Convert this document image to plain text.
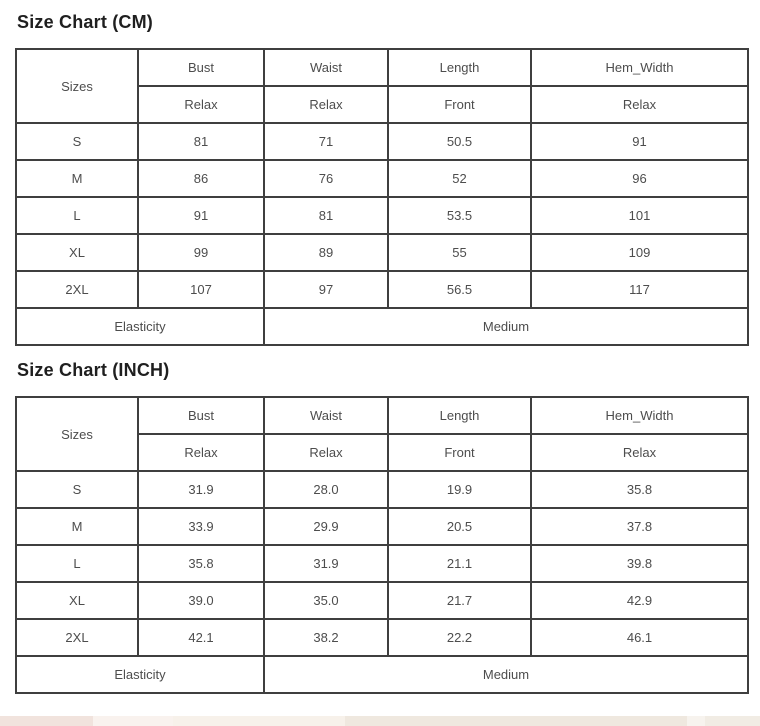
Size Chart (CM)
Sizes	Bust	Waist	Length	Hem_Width
	Relax	Relax	Front	Relax
S	81	71	50.5	91
M	86	76	52	96
L	91	81	53.5	101
XL	99	89	55	109
2XL	107	97	56.5	117
Elasticity		Medium		
Size Chart (INCH)
Sizes	Bust	Waist	Length	Hem_Width
	Relax	Relax	Front	Relax
S	31.9	28.0	19.9	35.8
M	33.9	29.9	20.5	37.8
L	35.8	31.9	21.1	39.8
XL	39.0	35.0	21.7	42.9
2XL	42.1	38.2	22.2	46.1
Elasticity		Medium		
